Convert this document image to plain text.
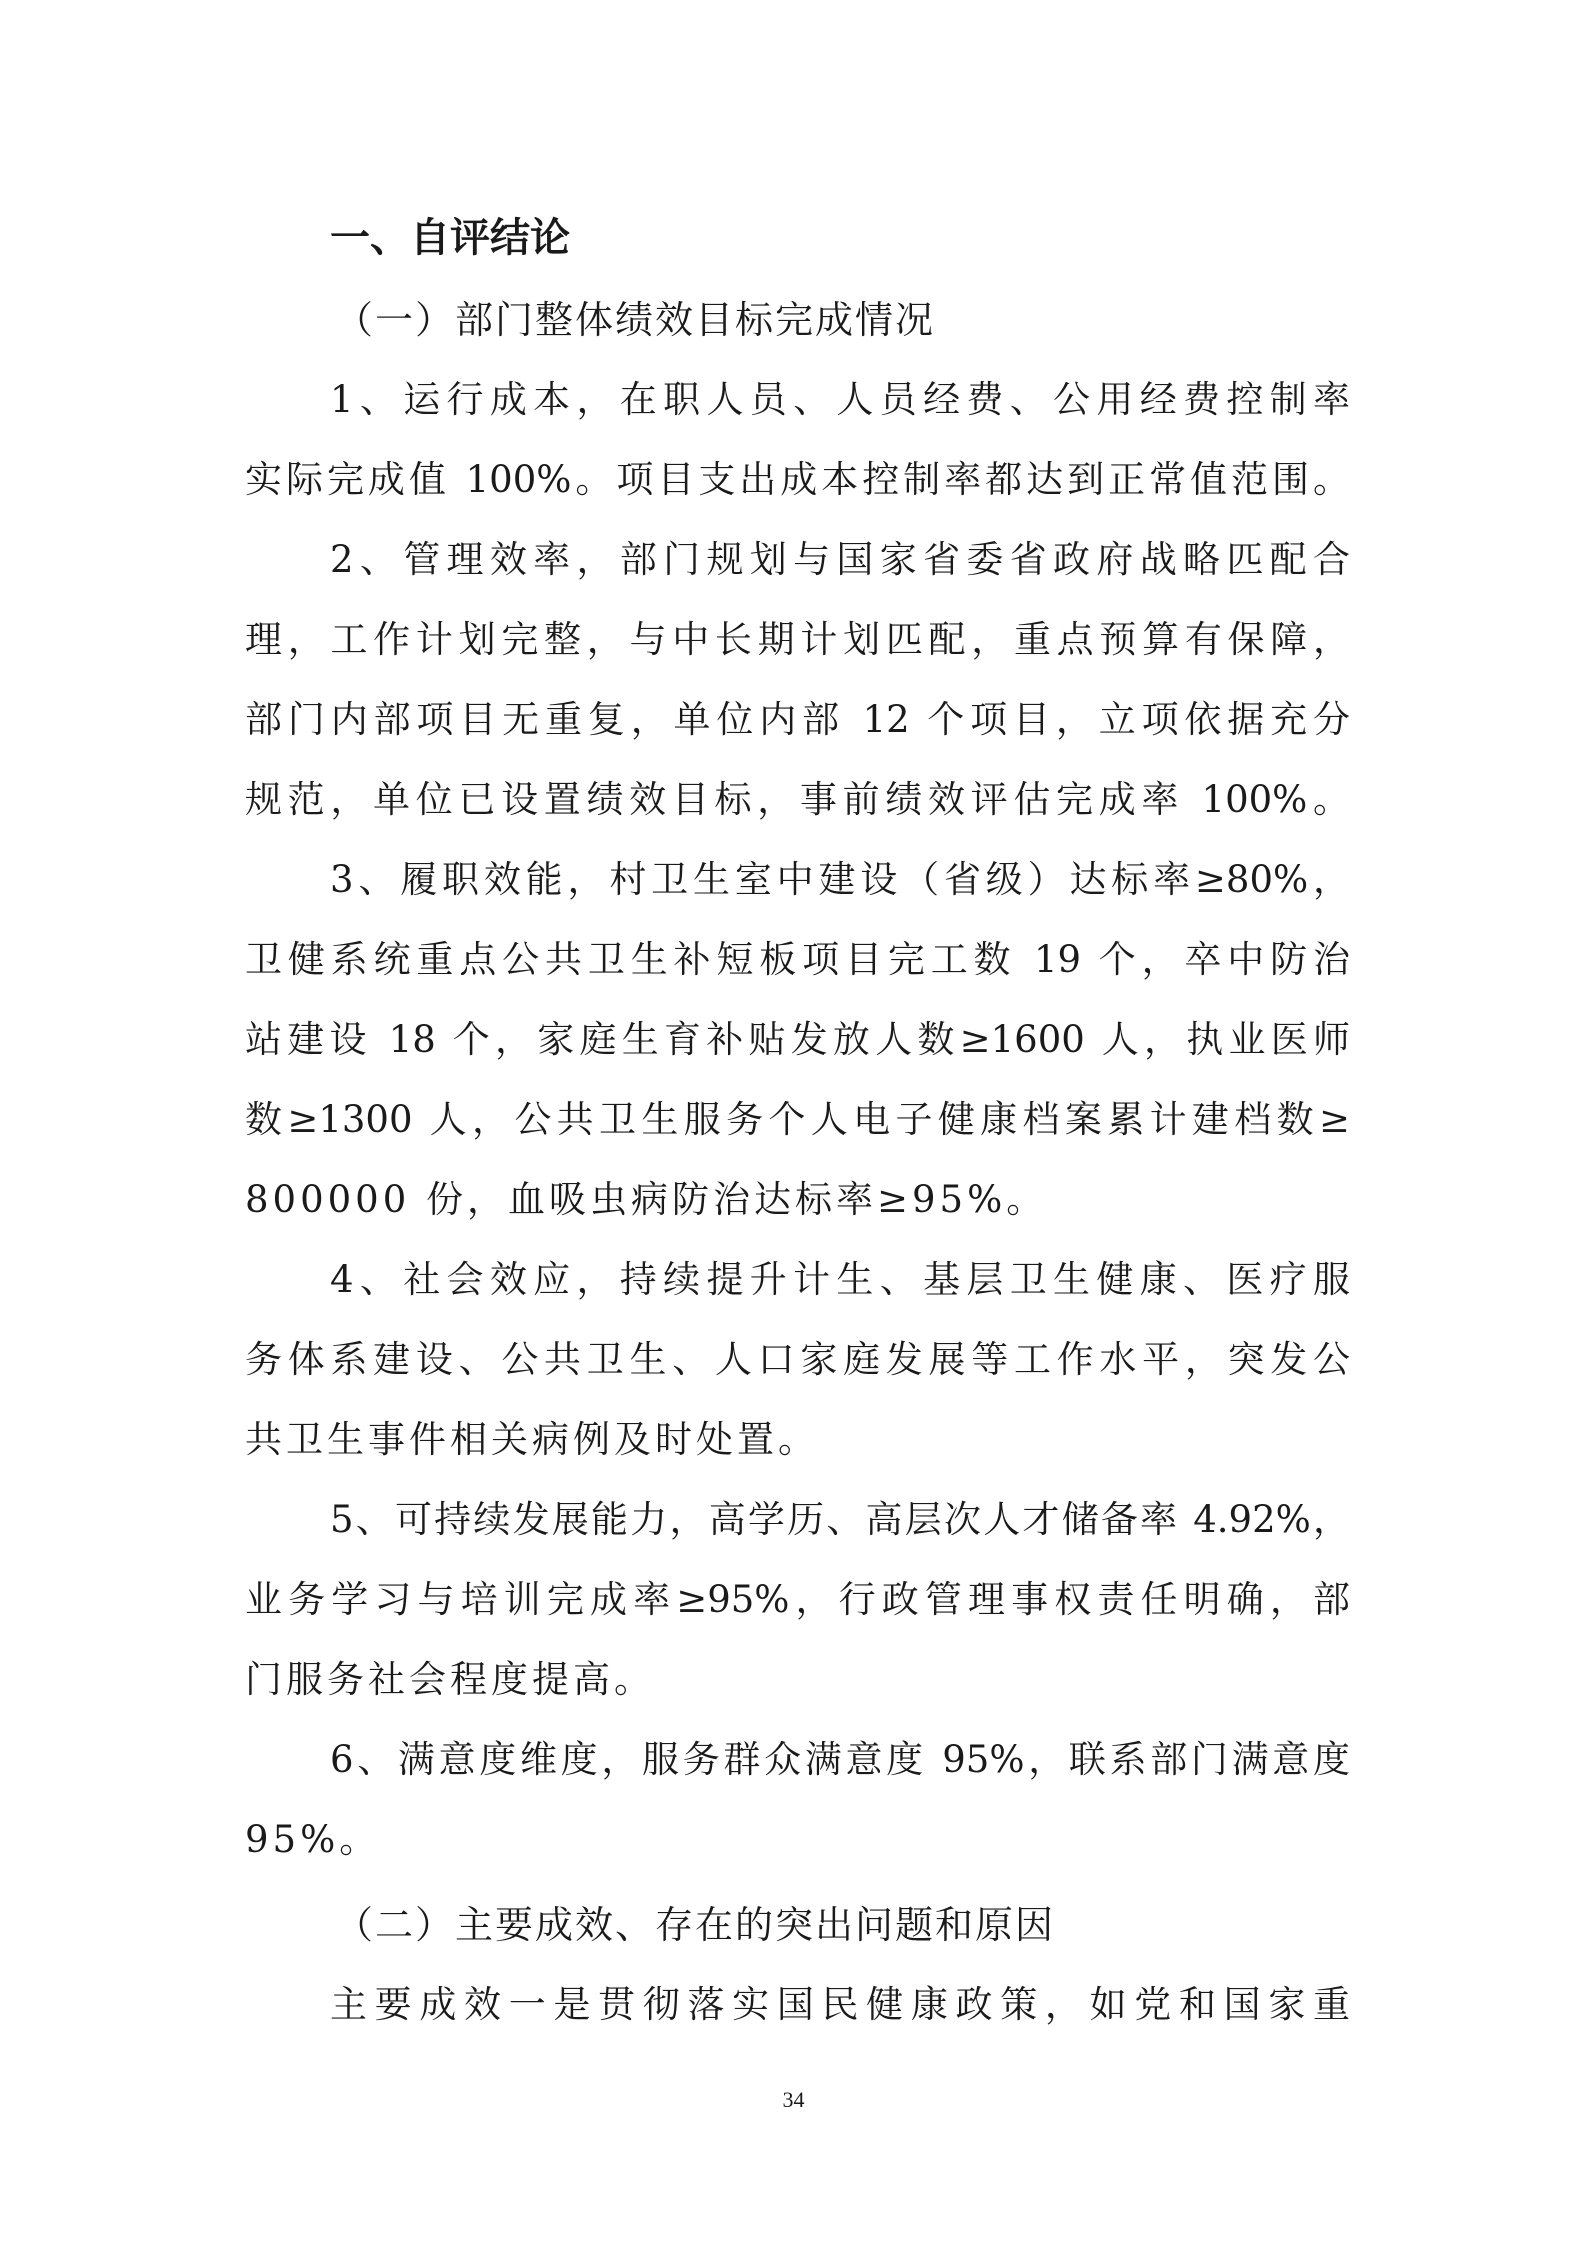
一、自评结论
（一）部门整体绩效目标完成情况
1、运行成本，在职人员、人员经费、公用经费控制率
实际完成值 100%。项目支出成本控制率都达到正常值范围。
2、管理效率，部门规划与国家省委省政府战略匹配合
理，工作计划完整，与中长期计划匹配，重点预算有保障，
部门内部项目无重复，单位内部 12 个项目，立项依据充分
规范，单位已设置绩效目标，事前绩效评估完成率 100%。
3、履职效能，村卫生室中建设（省级）达标率≥80%，
卫健系统重点公共卫生补短板项目完工数 19 个，卒中防治
站建设 18 个，家庭生育补贴发放人数≥1600 人，执业医师
数≥1300 人，公共卫生服务个人电子健康档案累计建档数≥
800000 份，血吸虫病防治达标率≥95%。
4、社会效应，持续提升计生、基层卫生健康、医疗服
务体系建设、公共卫生、人口家庭发展等工作水平，突发公
共卫生事件相关病例及时处置。
5、可持续发展能力，高学历、高层次人才储备率 4.92%，
业务学习与培训完成率≥95%，行政管理事权责任明确，部
门服务社会程度提高。
6、满意度维度，服务群众满意度 95%，联系部门满意度
95%。
（二）主要成效、存在的突出问题和原因
主要成效一是贯彻落实国民健康政策，如党和国家重
34
